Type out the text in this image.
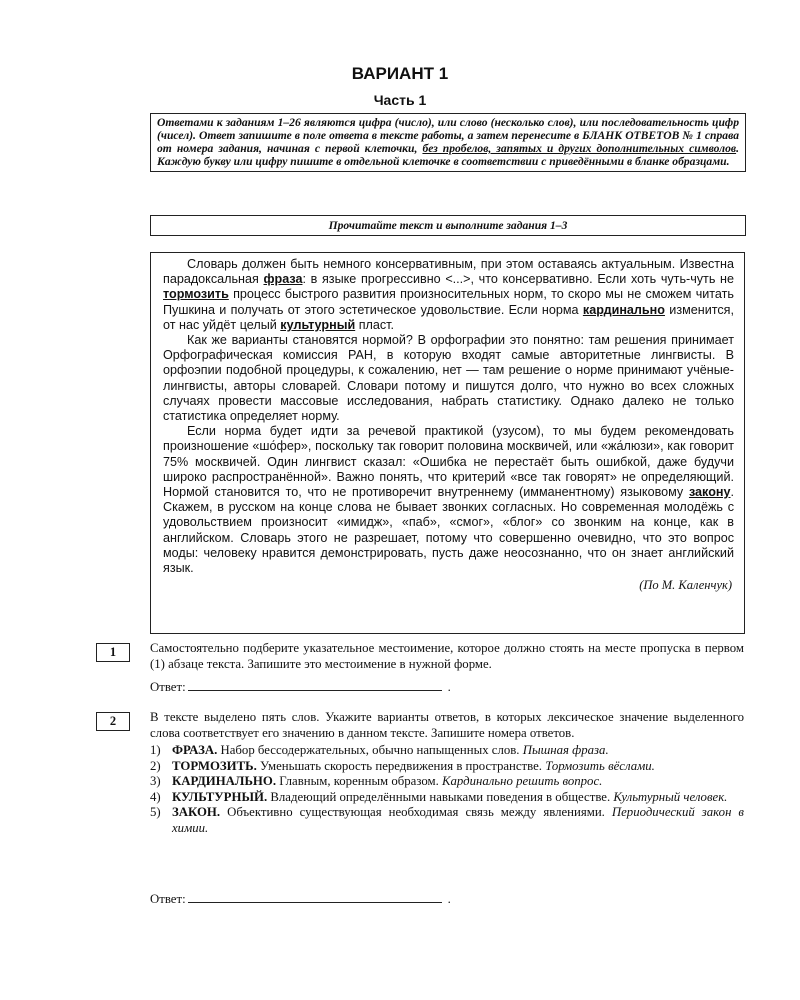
ВАРИАНТ 1
Часть 1
Ответами к заданиям 1–26 являются цифра (число), или слово (несколько слов), или последовательность цифр (чисел). Ответ запишите в поле ответа в тексте работы, а затем перенесите в БЛАНК ОТВЕТОВ № 1 справа от номера задания, начиная с первой клеточки, без пробелов, запятых и других дополнительных символов. Каждую букву или цифру пишите в отдельной клеточке в соответствии с приведёнными в бланке образцами.
Прочитайте текст и выполните задания 1–3

Словарь должен быть немного консервативным, при этом оставаясь актуальным. Известна парадоксальная фраза: в языке прогрессивно <...>, что консервативно. Если хоть чуть-чуть не тормозить процесс быстрого развития произносительных норм, то скоро мы не сможем читать Пушкина и получать от этого эстетическое удовольствие. Если норма кардинально изменится, от нас уйдёт целый культурный пласт.

Как же варианты становятся нормой? В орфографии это понятно: там решения принимает Орфографическая комиссия РАН, в которую входят самые авторитетные лингвисты. В орфоэпии подобной процедуры, к сожалению, нет — там решение о норме принимают учёные-лингвисты, авторы словарей. Словари потому и пишутся долго, что нужно во всех сложных случаях провести массовые исследования, набрать статистику. Однако далеко не только статистика определяет норму.

Если норма будет идти за речевой практикой (узусом), то мы будем рекомендовать произношение «шо́фер», поскольку так говорит половина москвичей, или «жа́люзи», как говорит 75% москвичей. Один лингвист сказал: «Ошибка не перестаёт быть ошибкой, даже будучи широко распространённой». Важно понять, что критерий «все так говорят» не определяющий. Нормой становится то, что не противоречит внутреннему (имманентному) языковому закону. Скажем, в русском на конце слова не бывает звонких согласных. Но современная молодёжь с удовольствием произносит «имидж», «паб», «смог», «блог» со звонким на конце, как в английском. Словарь этого не разрешает, потому что совершенно очевидно, что это вопрос моды: человеку нравится демонстрировать, пусть даже неосознанно, что он знает английский язык.

(По М. Каленчук)
1	Самостоятельно подберите указательное местоимение, которое должно стоять на месте пропуска в первом (1) абзаце текста. Запишите это местоимение в нужной форме.

Ответ:	.
2	В тексте выделено пять слов. Укажите варианты ответов, в которых лексическое значение выделенного слова соответствует его значению в данном тексте. Запишите номера ответов.

1) ФРАЗА. Набор бессодержательных, обычно напыщенных слов. Пышная фраза.
2) ТОРМОЗИТЬ. Уменьшать скорость передвижения в пространстве. Тормозить вёслами.
3) КАРДИНАЛЬНО. Главным, коренным образом. Кардинально решить вопрос.
4) КУЛЬТУРНЫЙ. Владеющий определёнными навыками поведения в обществе. Культурный человек.
5) ЗАКОН. Объективно существующая необходимая связь между явлениями. Периодический закон в химии.
Ответ:	.
